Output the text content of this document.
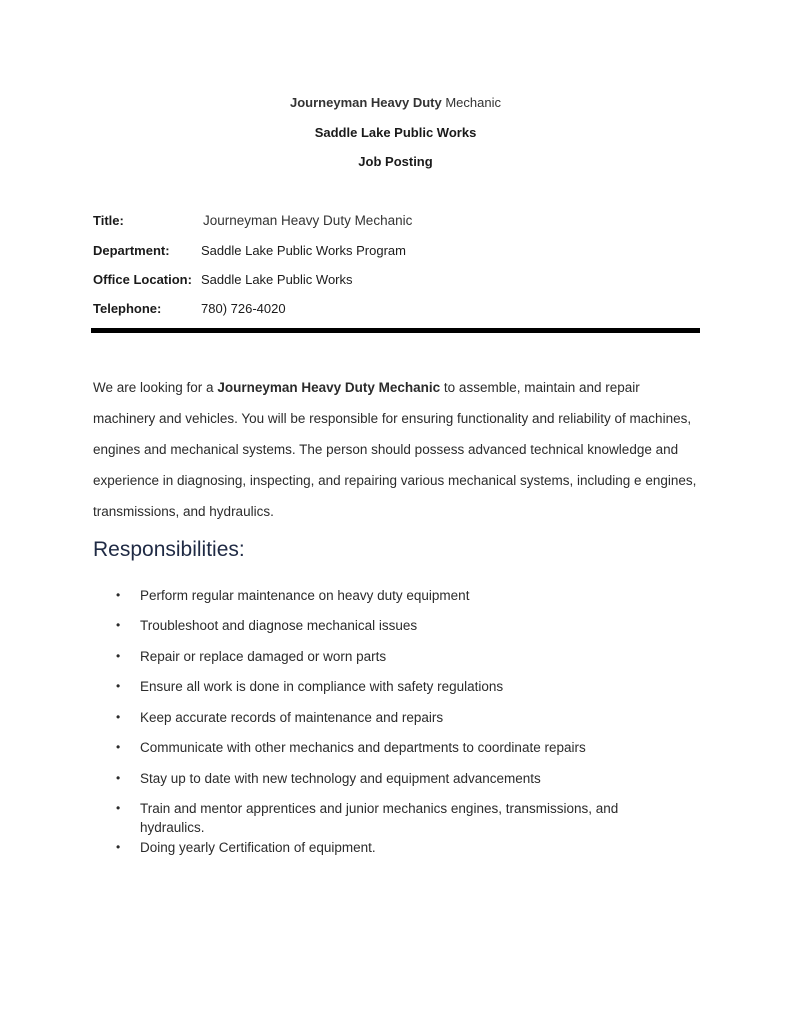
Journeyman Heavy Duty Mechanic
Saddle Lake Public Works
Job Posting
Title:	Journeyman Heavy Duty Mechanic
Department: Saddle Lake Public Works Program
Office Location: Saddle Lake Public Works
Telephone:	780) 726-4020

We are looking for a Journeyman Heavy Duty Mechanic to assemble, maintain and repair machinery and vehicles. You will be responsible for ensuring functionality and reliability of machines, engines and mechanical systems. The person should possess advanced technical knowledge and experience in diagnosing, inspecting, and repairing various mechanical systems, including e engines, transmissions, and hydraulics.

Responsibilities:
• Perform regular maintenance on heavy duty equipment
• Troubleshoot and diagnose mechanical issues
• Repair or replace damaged or worn parts
• Ensure all work is done in compliance with safety regulations
• Keep accurate records of maintenance and repairs
• Communicate with other mechanics and departments to coordinate repairs
• Stay up to date with new technology and equipment advancements
• Train and mentor apprentices and junior mechanics engines, transmissions, and hydraulics.
• Doing yearly Certification of equipment.
